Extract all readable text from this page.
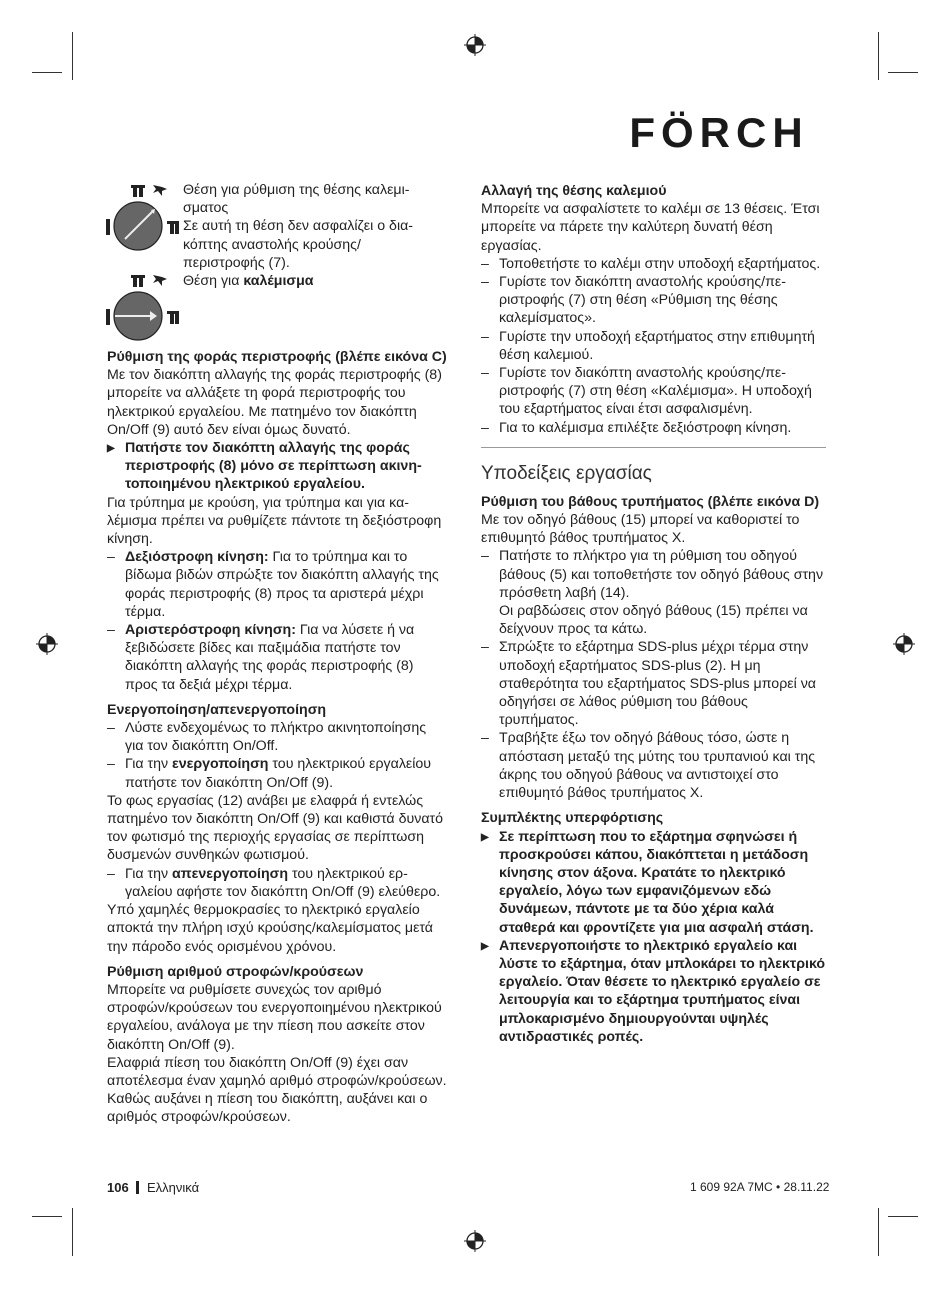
FÖRCH

Θέση για ρύθμιση της θέσης καλεμι-

σματος

Σε αυτή τη θέση δεν ασφαλίζει ο δια-

κόπτης αναστολής κρούσης/

περιστροφής (7).

Θέση για καλέμισμα

Ρύθμιση της φοράς περιστροφής (βλέπε εικόνα C)

Με τον διακόπτη αλλαγής της φοράς περιστροφής (8) μπορείτε να αλλάξετε τη φορά περιστροφής του ηλεκτρικού εργαλείου. Με πατημένο τον διακόπτη On/Off (9) αυτό δεν είναι όμως δυνατό.

▶ Πατήστε τον διακόπτη αλλαγής της φοράς περιστροφής (8) μόνο σε περίπτωση ακινητοποιημένου ηλεκτρικού εργαλείου.

Για τρύπημα με κρούση, για τρύπημα και για καλέμισμα πρέπει να ρυθμίζετε πάντοτε τη δεξιόστροφη κίνηση.

– Δεξιόστροφη κίνηση: Για το τρύπημα και το βίδωμα βιδών σπρώξτε τον διακόπτη αλλαγής της φοράς περιστροφής (8) προς τα αριστερά μέχρι τέρμα.

– Αριστερόστροφη κίνηση: Για να λύσετε ή να ξεβιδώσετε βίδες και παξιμάδια πατήστε τον διακόπτη αλλαγής της φοράς περιστροφής (8) προς τα δεξιά μέχρι τέρμα.

Ενεργοποίηση/απενεργοποίηση

– Λύστε ενδεχομένως το πλήκτρο ακινητοποίησης για τον διακόπτη On/Off.

– Για την ενεργοποίηση του ηλεκτρικού εργαλείου πατήστε τον διακόπτη On/Off (9).

Το φως εργασίας (12) ανάβει με ελαφρά ή εντελώς πατημένο τον διακόπτη On/Off (9) και καθιστά δυνατό τον φωτισμό της περιοχής εργασίας σε περίπτωση δυσμενών συνθηκών φωτισμού.

– Για την απενεργοποίηση του ηλεκτρικού εργαλείου αφήστε τον διακόπτη On/Off (9) ελεύθερο.

Υπό χαμηλές θερμοκρασίες το ηλεκτρικό εργαλείο αποκτά την πλήρη ισχύ κρούσης/καλεμίσματος μετά την πάροδο ενός ορισμένου χρόνου.

Ρύθμιση αριθμού στροφών/κρούσεων

Μπορείτε να ρυθμίσετε συνεχώς τον αριθμό στροφών/κρούσεων του ενεργοποιημένου ηλεκτρικού εργαλείου, ανάλογα με την πίεση που ασκείτε στον διακόπτη On/Off (9).

Ελαφριά πίεση του διακόπτη On/Off (9) έχει σαν αποτέλεσμα έναν χαμηλό αριθμό στροφών/κρούσεων. Καθώς αυξάνει η πίεση του διακόπτη, αυξάνει και ο αριθμός στροφών/κρούσεων.

Αλλαγή της θέσης καλεμιού

Μπορείτε να ασφαλίστετε το καλέμι σε 13 θέσεις. Έτσι μπορείτε να πάρετε την καλύτερη δυνατή θέση εργασίας.

– Τοποθετήστε το καλέμι στην υποδοχή εξαρτήματος.

– Γυρίστε τον διακόπτη αναστολής κρούσης/περιστροφής (7) στη θέση «Ρύθμιση της θέσης καλεμίσματος».

– Γυρίστε την υποδοχή εξαρτήματος στην επιθυμητή θέση καλεμιού.

– Γυρίστε τον διακόπτη αναστολής κρούσης/περιστροφής (7) στη θέση «Καλέμισμα». Η υποδοχή του εξαρτήματος είναι έτσι ασφαλισμένη.

– Για το καλέμισμα επιλέξτε δεξιόστροφη κίνηση.

Υποδείξεις εργασίας
Ρύθμιση του βάθους τρυπήματος (βλέπε εικόνα D)

Με τον οδηγό βάθους (15) μπορεί να καθοριστεί το επιθυμητό βάθος τρυπήματος X.

– Πατήστε το πλήκτρο για τη ρύθμιση του οδηγού βάθους (5) και τοποθετήστε τον οδηγό βάθους στην πρόσθετη λαβή (14).

Οι ραβδώσεις στον οδηγό βάθους (15) πρέπει να δείχνουν προς τα κάτω.

– Σπρώξτε το εξάρτημα SDS-plus μέχρι τέρμα στην υποδοχή εξαρτήματος SDS-plus (2). Η μη σταθερότητα του εξαρτήματος SDS-plus μπορεί να οδηγήσει σε λάθος ρύθμιση του βάθους τρυπήματος.

– Τραβήξτε έξω τον οδηγό βάθους τόσο, ώστε η απόσταση μεταξύ της μύτης του τρυπανιού και της άκρης του οδηγού βάθους να αντιστοιχεί στο επιθυμητό βάθος τρυπήματος X.

Συμπλέκτης υπερφόρτισης

▶ Σε περίπτωση που το εξάρτημα σφηνώσει ή προσκρούσει κάπου, διακόπτεται η μετάδοση κίνησης στον άξονα. Κρατάτε το ηλεκτρικό εργαλείο, λόγω των εμφανιζόμενων εδώ δυνάμεων, πάντοτε με τα δύο χέρια καλά σταθερά και φροντίζετε για μια ασφαλή στάση.

▶ Απενεργοποιήστε το ηλεκτρικό εργαλείο και λύστε το εξάρτημα, όταν μπλοκάρει το ηλεκτρικό εργαλείο. Όταν θέσετε το ηλεκτρικό εργαλείο σε λειτουργία και το εξάρτημα τρυπήματος είναι μπλοκαρισμένο δημιουργούνται υψηλές αντιδραστικές ροπές.

106 Ελληνικά	1 609 92A 7MC • 28.11.22
